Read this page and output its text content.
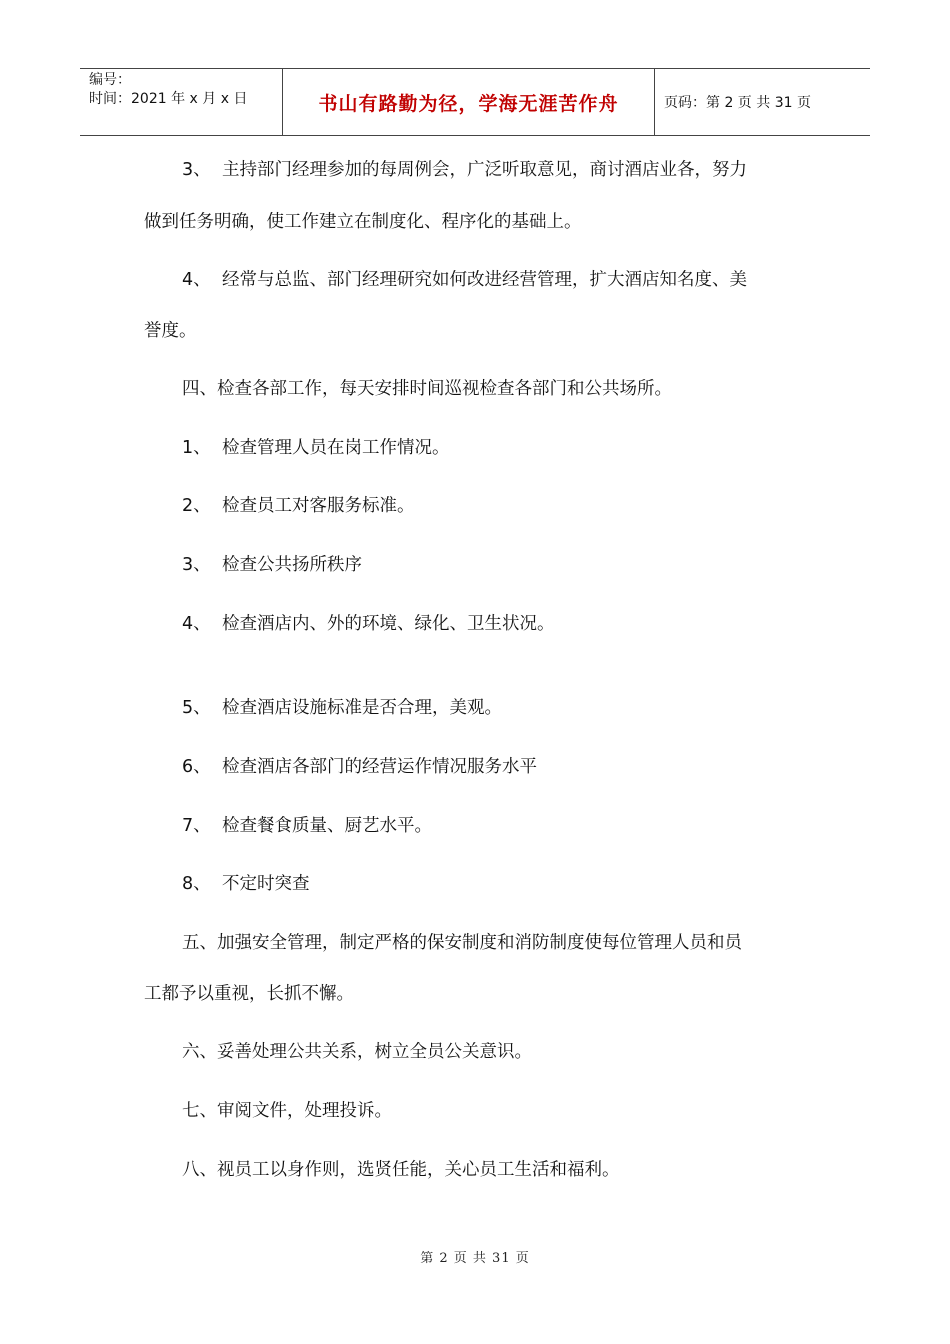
编号：
时间：2021 年 x 月 x 日	书山有路勤为径，学海无涯苦作舟	页码：第 2 页 共 31 页
3、 主持部门经理参加的每周例会，广泛听取意见，商讨酒店业各，努力
做到任务明确，使工作建立在制度化、程序化的基础上。
4、 经常与总监、部门经理研究如何改进经营管理，扩大酒店知名度、美
誉度。
四、检查各部工作，每天安排时间巡视检查各部门和公共场所。
1、 检查管理人员在岗工作情况。
2、 检查员工对客服务标准。
3、 检查公共扬所秩序
4、 检查酒店内、外的环境、绿化、卫生状况。
5、 检查酒店设施标准是否合理，美观。
6、 检查酒店各部门的经营运作情况服务水平
7、 检查餐食质量、厨艺水平。
8、 不定时突查
五、加强安全管理，制定严格的保安制度和消防制度使每位管理人员和员
工都予以重视，长抓不懈。
六、妥善处理公共关系，树立全员公关意识。
七、审阅文件，处理投诉。
八、视员工以身作则，选贤任能，关心员工生活和福利。
第 2 页 共 31 页
